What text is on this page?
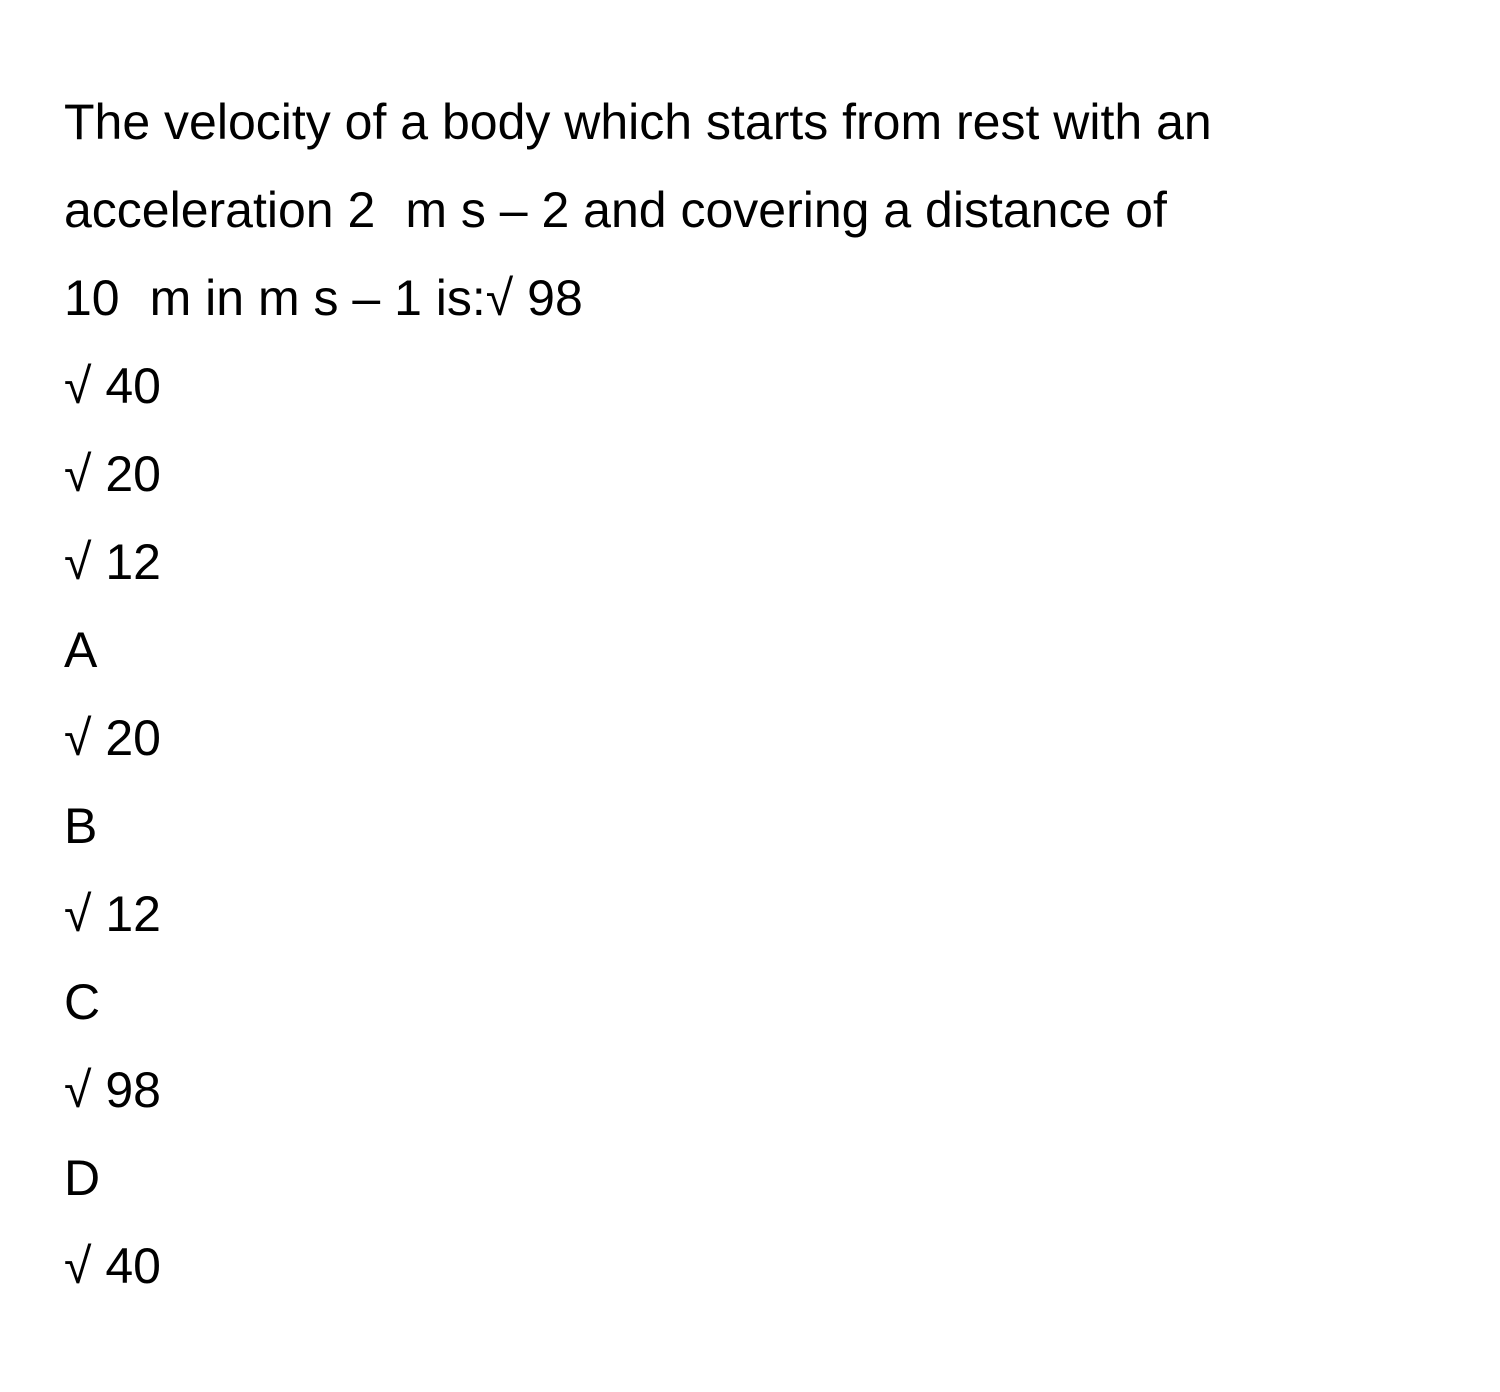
The velocity of a body which starts from rest with an
acceleration 2 m s – 2 and covering a distance of
10 m in m s – 1 is:√ 98
√ 40
√ 20
√ 12
A
√ 20
B
√ 12
C
√ 98
D
√ 40
